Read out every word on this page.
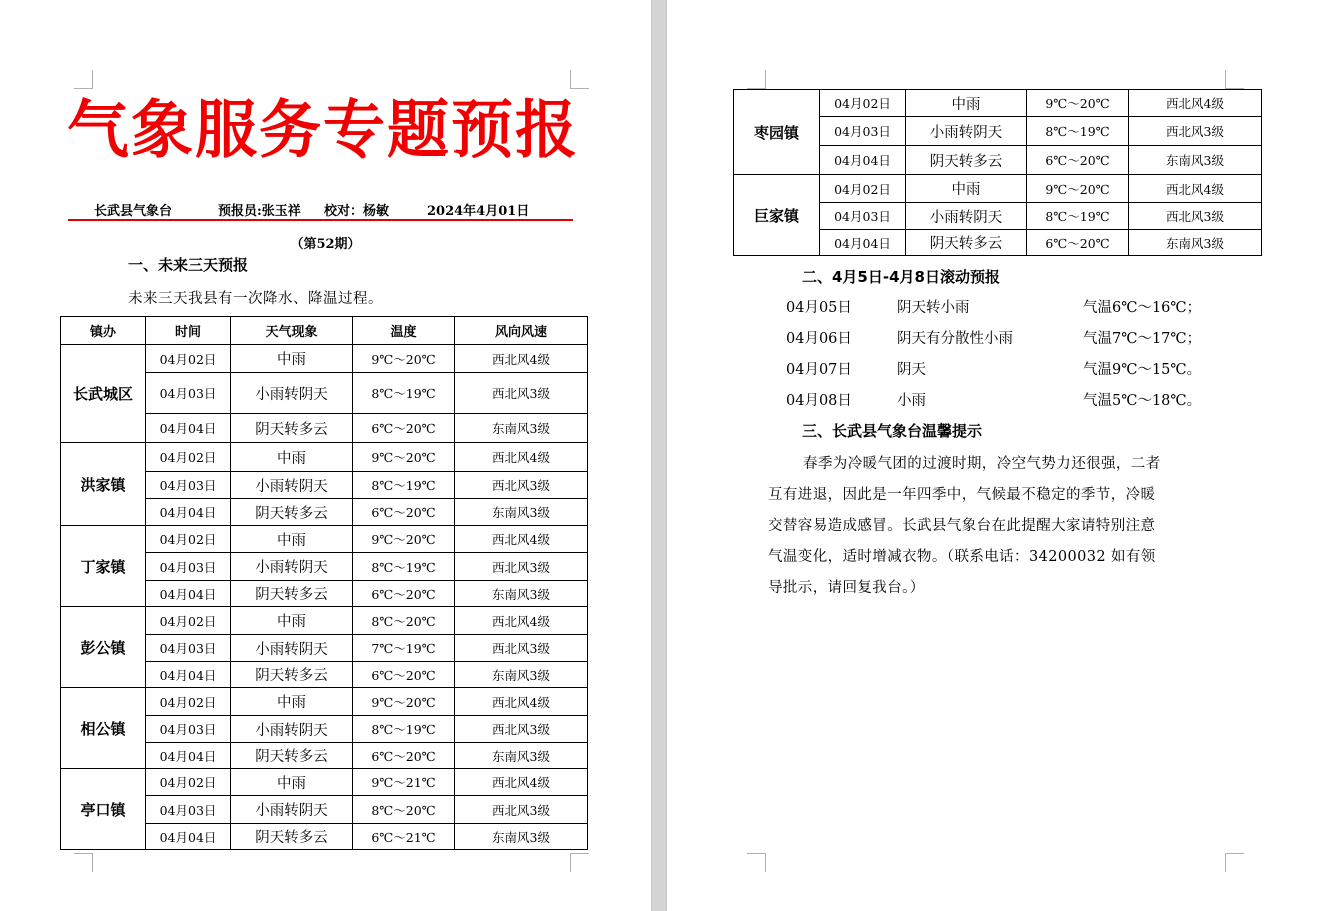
气象服务专题预报
长武县气象台	预报员:张玉祥 校对：杨敏	2024年4月01日
（第52期）
一、未来三天预报
未来三天我县有一次降水、降温过程。
镇办	时间	天气现象	温度	风向风速
长武城区	04月02日	中雨	9℃～20℃	西北风4级
	04月03日	小雨转阴天	8℃～19℃	西北风3级
	04月04日	阴天转多云	6℃～20℃	东南风3级
洪家镇	04月02日	中雨	9℃～20℃	西北风4级
	04月03日	小雨转阴天	8℃～19℃	西北风3级
	04月04日	阴天转多云	6℃～20℃	东南风3级
丁家镇	04月02日	中雨	9℃～20℃	西北风4级
	04月03日	小雨转阴天	8℃～19℃	西北风3级
	04月04日	阴天转多云	6℃～20℃	东南风3级
彭公镇	04月02日	中雨	8℃～20℃	西北风4级
	04月03日	小雨转阴天	7℃～19℃	西北风3级
	04月04日	阴天转多云	6℃～20℃	东南风3级
相公镇	04月02日	中雨	9℃～20℃	西北风4级
	04月03日	小雨转阴天	8℃～19℃	西北风3级
	04月04日	阴天转多云	6℃～20℃	东南风3级
亭口镇	04月02日	中雨	9℃～21℃	西北风4级
	04月03日	小雨转阴天	8℃～20℃	西北风3级
	04月04日	阴天转多云	6℃～21℃	东南风3级
枣园镇	04月02日	中雨	9℃～20℃	西北风4级
	04月03日	小雨转阴天	8℃～19℃	西北风3级
	04月04日	阴天转多云	6℃～20℃	东南风3级
巨家镇	04月02日	中雨	9℃～20℃	西北风4级
	04月03日	小雨转阴天	8℃～19℃	西北风3级
	04月04日	阴天转多云	6℃～20℃	东南风3级
二、4月5日-4月8日滚动预报
04月05日	阴天转小雨	气温6℃～16℃；
04月06日	阴天有分散性小雨	气温7℃～17℃；
04月07日	阴天	气温9℃～15℃。
04月08日	小雨	气温5℃～18℃。
三、长武县气象台温馨提示
春季为冷暖气团的过渡时期，冷空气势力还很强，二者
互有进退，因此是一年四季中，气候最不稳定的季节，冷暖
交替容易造成感冒。长武县气象台在此提醒大家请特别注意
气温变化，适时增减衣物。（联系电话：34200032 如有领
导批示，请回复我台。）
